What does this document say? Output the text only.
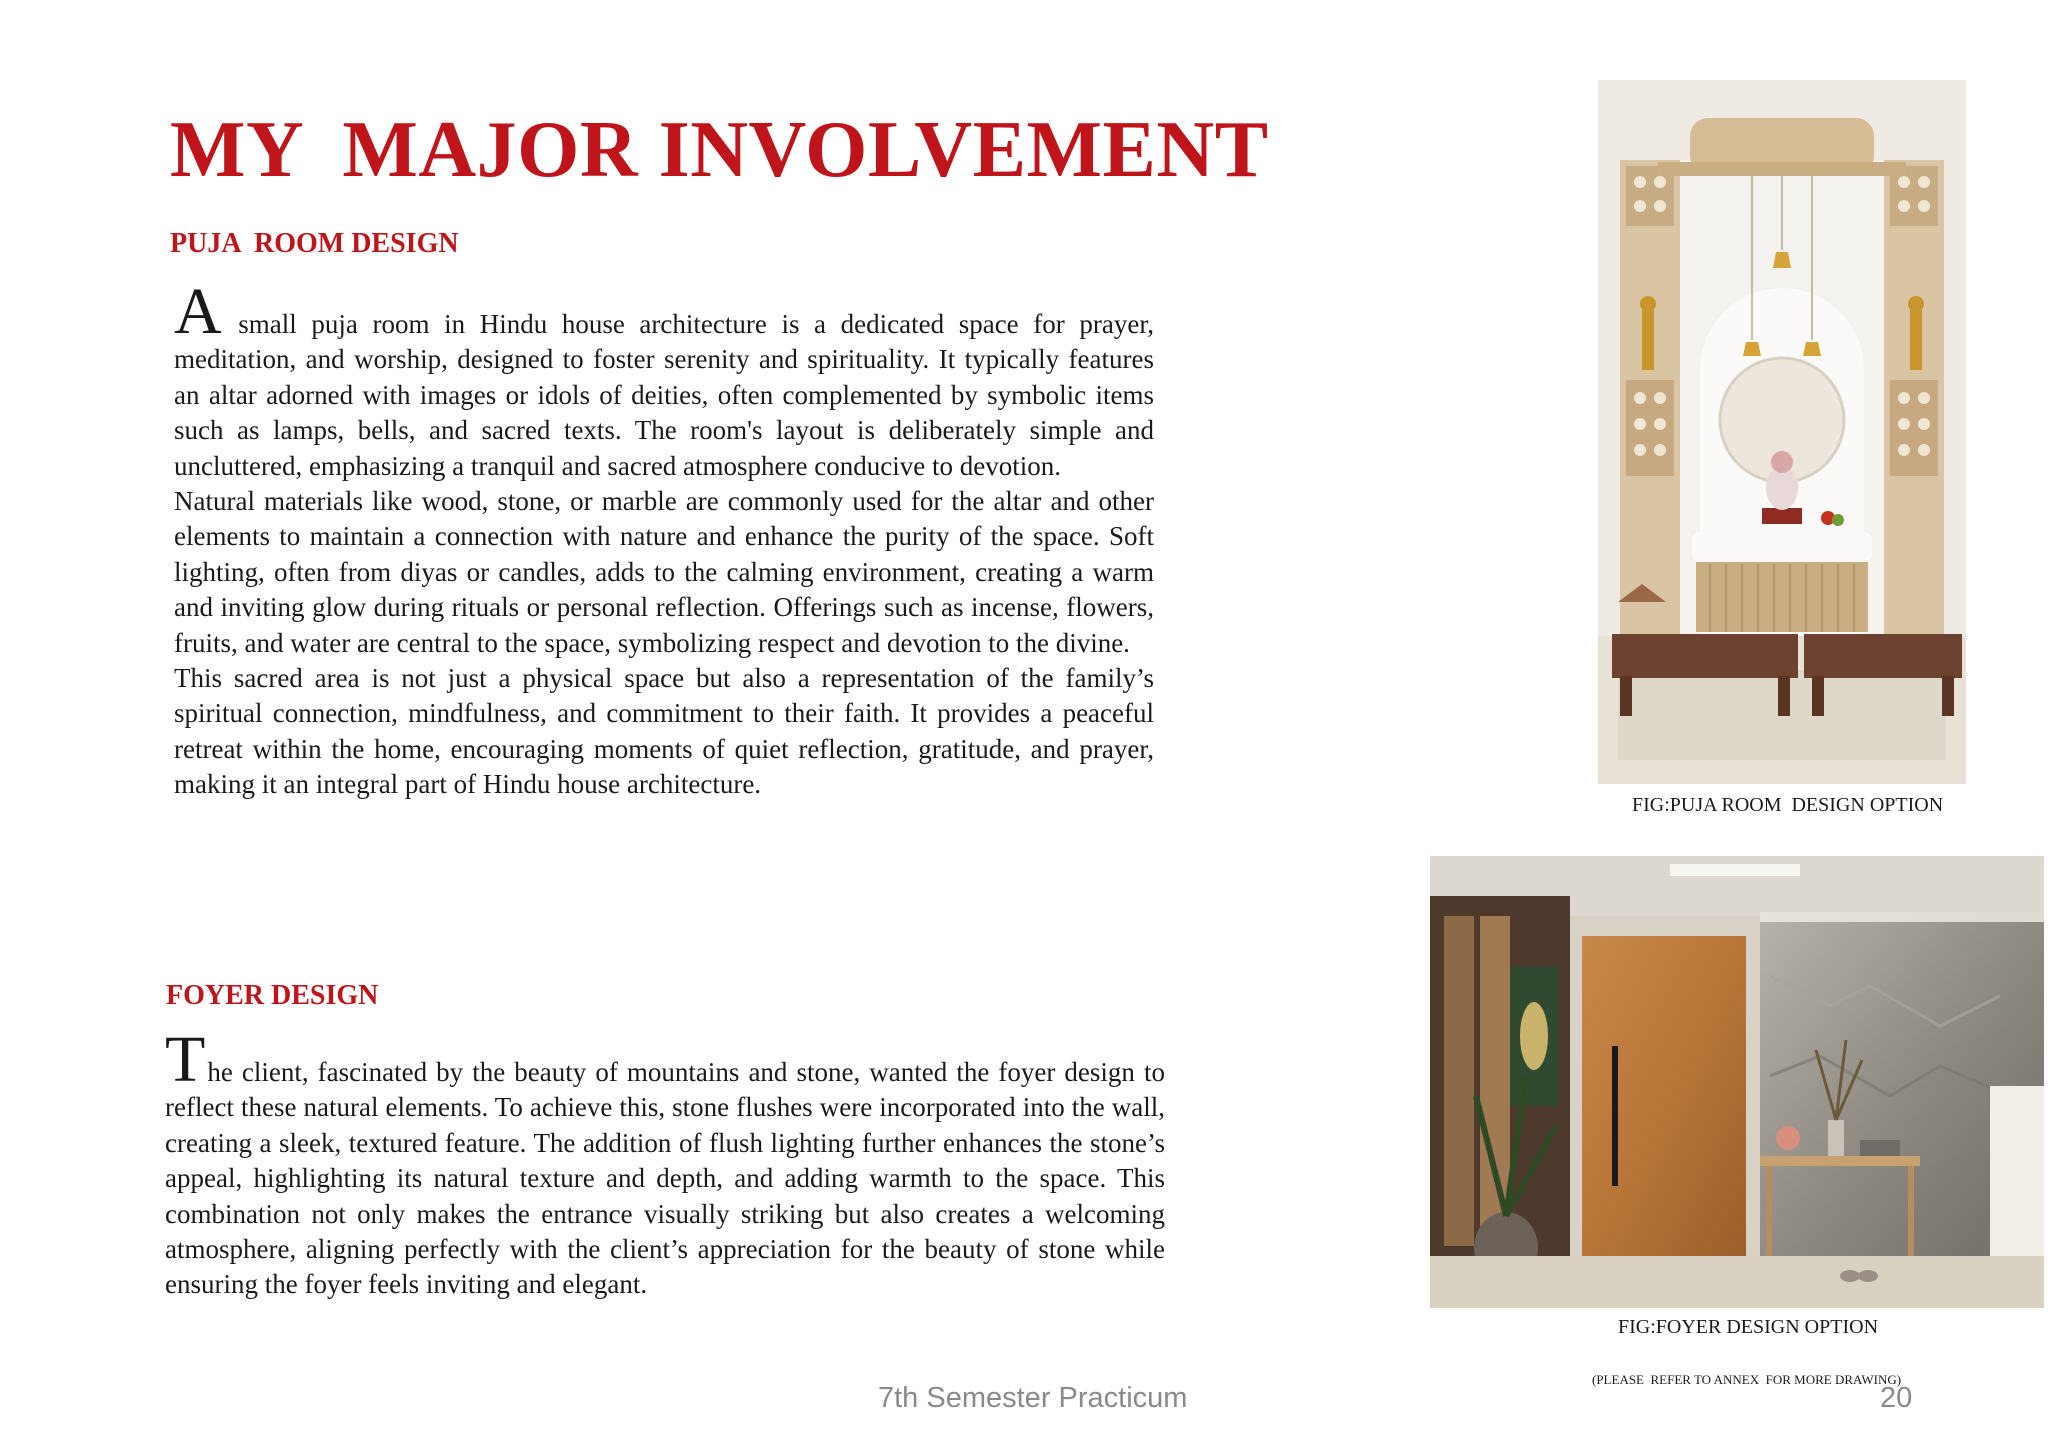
MY  MAJOR INVOLVEMENT
PUJA  ROOM DESIGN

A small puja room in Hindu house architecture is a dedicated space for prayer, meditation, and worship, designed to foster serenity and spirituality. It typically features an altar adorned with images or idols of deities, often complemented by symbolic items such as lamps, bells, and sacred texts. The room's layout is deliberately simple and uncluttered, emphasizing a tranquil and sacred atmosphere conducive to devotion.

Natural materials like wood, stone, or marble are commonly used for the altar and other elements to maintain a connection with nature and enhance the purity of the space. Soft lighting, often from diyas or candles, adds to the calming environment, creating a warm and inviting glow during rituals or personal reflection. Offerings such as incense, flowers, fruits, and water are central to the space, symbolizing respect and devotion to the divine.

This sacred area is not just a physical space but also a representation of the family’s spiritual connection, mindfulness, and commitment to their faith. It provides a peaceful retreat within the home, encouraging moments of quiet reflection, gratitude, and prayer, making it an integral part of Hindu house architecture.

FOYER DESIGN

The client, fascinated by the beauty of mountains and stone, wanted the foyer design to reflect these natural elements. To achieve this, stone flushes were incorporated into the wall, creating a sleek, textured feature. The addition of flush lighting further enhances the stone’s appeal, highlighting its natural texture and depth, and adding warmth to the space. This combination not only makes the entrance visually striking but also creates a welcoming atmosphere, aligning perfectly with the client’s appreciation for the beauty of stone while ensuring the foyer feels inviting and elegant.

FIG:PUJA ROOM  DESIGN OPTION
FIG:FOYER DESIGN OPTION
(PLEASE  REFER TO ANNEX  FOR MORE DRAWING)
7th Semester Practicum	20
